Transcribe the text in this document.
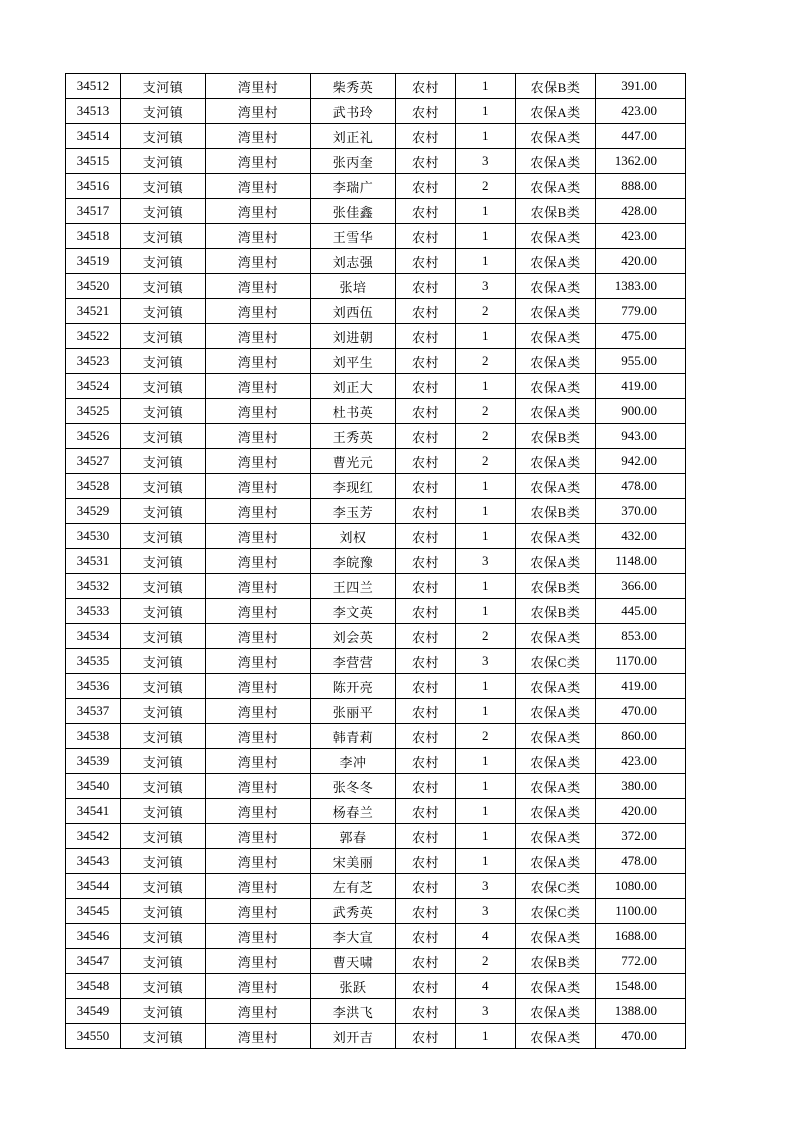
34512	支河镇	湾里村	柴秀英	农村	1	农保B类	391.00
34513	支河镇	湾里村	武书玲	农村	1	农保A类	423.00
34514	支河镇	湾里村	刘正礼	农村	1	农保A类	447.00
34515	支河镇	湾里村	张丙奎	农村	3	农保A类	1362.00
34516	支河镇	湾里村	李瑞广	农村	2	农保A类	888.00
34517	支河镇	湾里村	张佳鑫	农村	1	农保B类	428.00
34518	支河镇	湾里村	王雪华	农村	1	农保A类	423.00
34519	支河镇	湾里村	刘志强	农村	1	农保A类	420.00
34520	支河镇	湾里村	张培	农村	3	农保A类	1383.00
34521	支河镇	湾里村	刘西伍	农村	2	农保A类	779.00
34522	支河镇	湾里村	刘进朝	农村	1	农保A类	475.00
34523	支河镇	湾里村	刘平生	农村	2	农保A类	955.00
34524	支河镇	湾里村	刘正大	农村	1	农保A类	419.00
34525	支河镇	湾里村	杜书英	农村	2	农保A类	900.00
34526	支河镇	湾里村	王秀英	农村	2	农保B类	943.00
34527	支河镇	湾里村	曹光元	农村	2	农保A类	942.00
34528	支河镇	湾里村	李现红	农村	1	农保A类	478.00
34529	支河镇	湾里村	李玉芳	农村	1	农保B类	370.00
34530	支河镇	湾里村	刘权	农村	1	农保A类	432.00
34531	支河镇	湾里村	李皖豫	农村	3	农保A类	1148.00
34532	支河镇	湾里村	王四兰	农村	1	农保B类	366.00
34533	支河镇	湾里村	李文英	农村	1	农保B类	445.00
34534	支河镇	湾里村	刘会英	农村	2	农保A类	853.00
34535	支河镇	湾里村	李营营	农村	3	农保C类	1170.00
34536	支河镇	湾里村	陈开亮	农村	1	农保A类	419.00
34537	支河镇	湾里村	张丽平	农村	1	农保A类	470.00
34538	支河镇	湾里村	韩青莉	农村	2	农保A类	860.00
34539	支河镇	湾里村	李冲	农村	1	农保A类	423.00
34540	支河镇	湾里村	张冬冬	农村	1	农保A类	380.00
34541	支河镇	湾里村	杨春兰	农村	1	农保A类	420.00
34542	支河镇	湾里村	郭春	农村	1	农保A类	372.00
34543	支河镇	湾里村	宋美丽	农村	1	农保A类	478.00
34544	支河镇	湾里村	左有芝	农村	3	农保C类	1080.00
34545	支河镇	湾里村	武秀英	农村	3	农保C类	1100.00
34546	支河镇	湾里村	李大宣	农村	4	农保A类	1688.00
34547	支河镇	湾里村	曹天啸	农村	2	农保B类	772.00
34548	支河镇	湾里村	张跃	农村	4	农保A类	1548.00
34549	支河镇	湾里村	李洪飞	农村	3	农保A类	1388.00
34550	支河镇	湾里村	刘开吉	农村	1	农保A类	470.00
